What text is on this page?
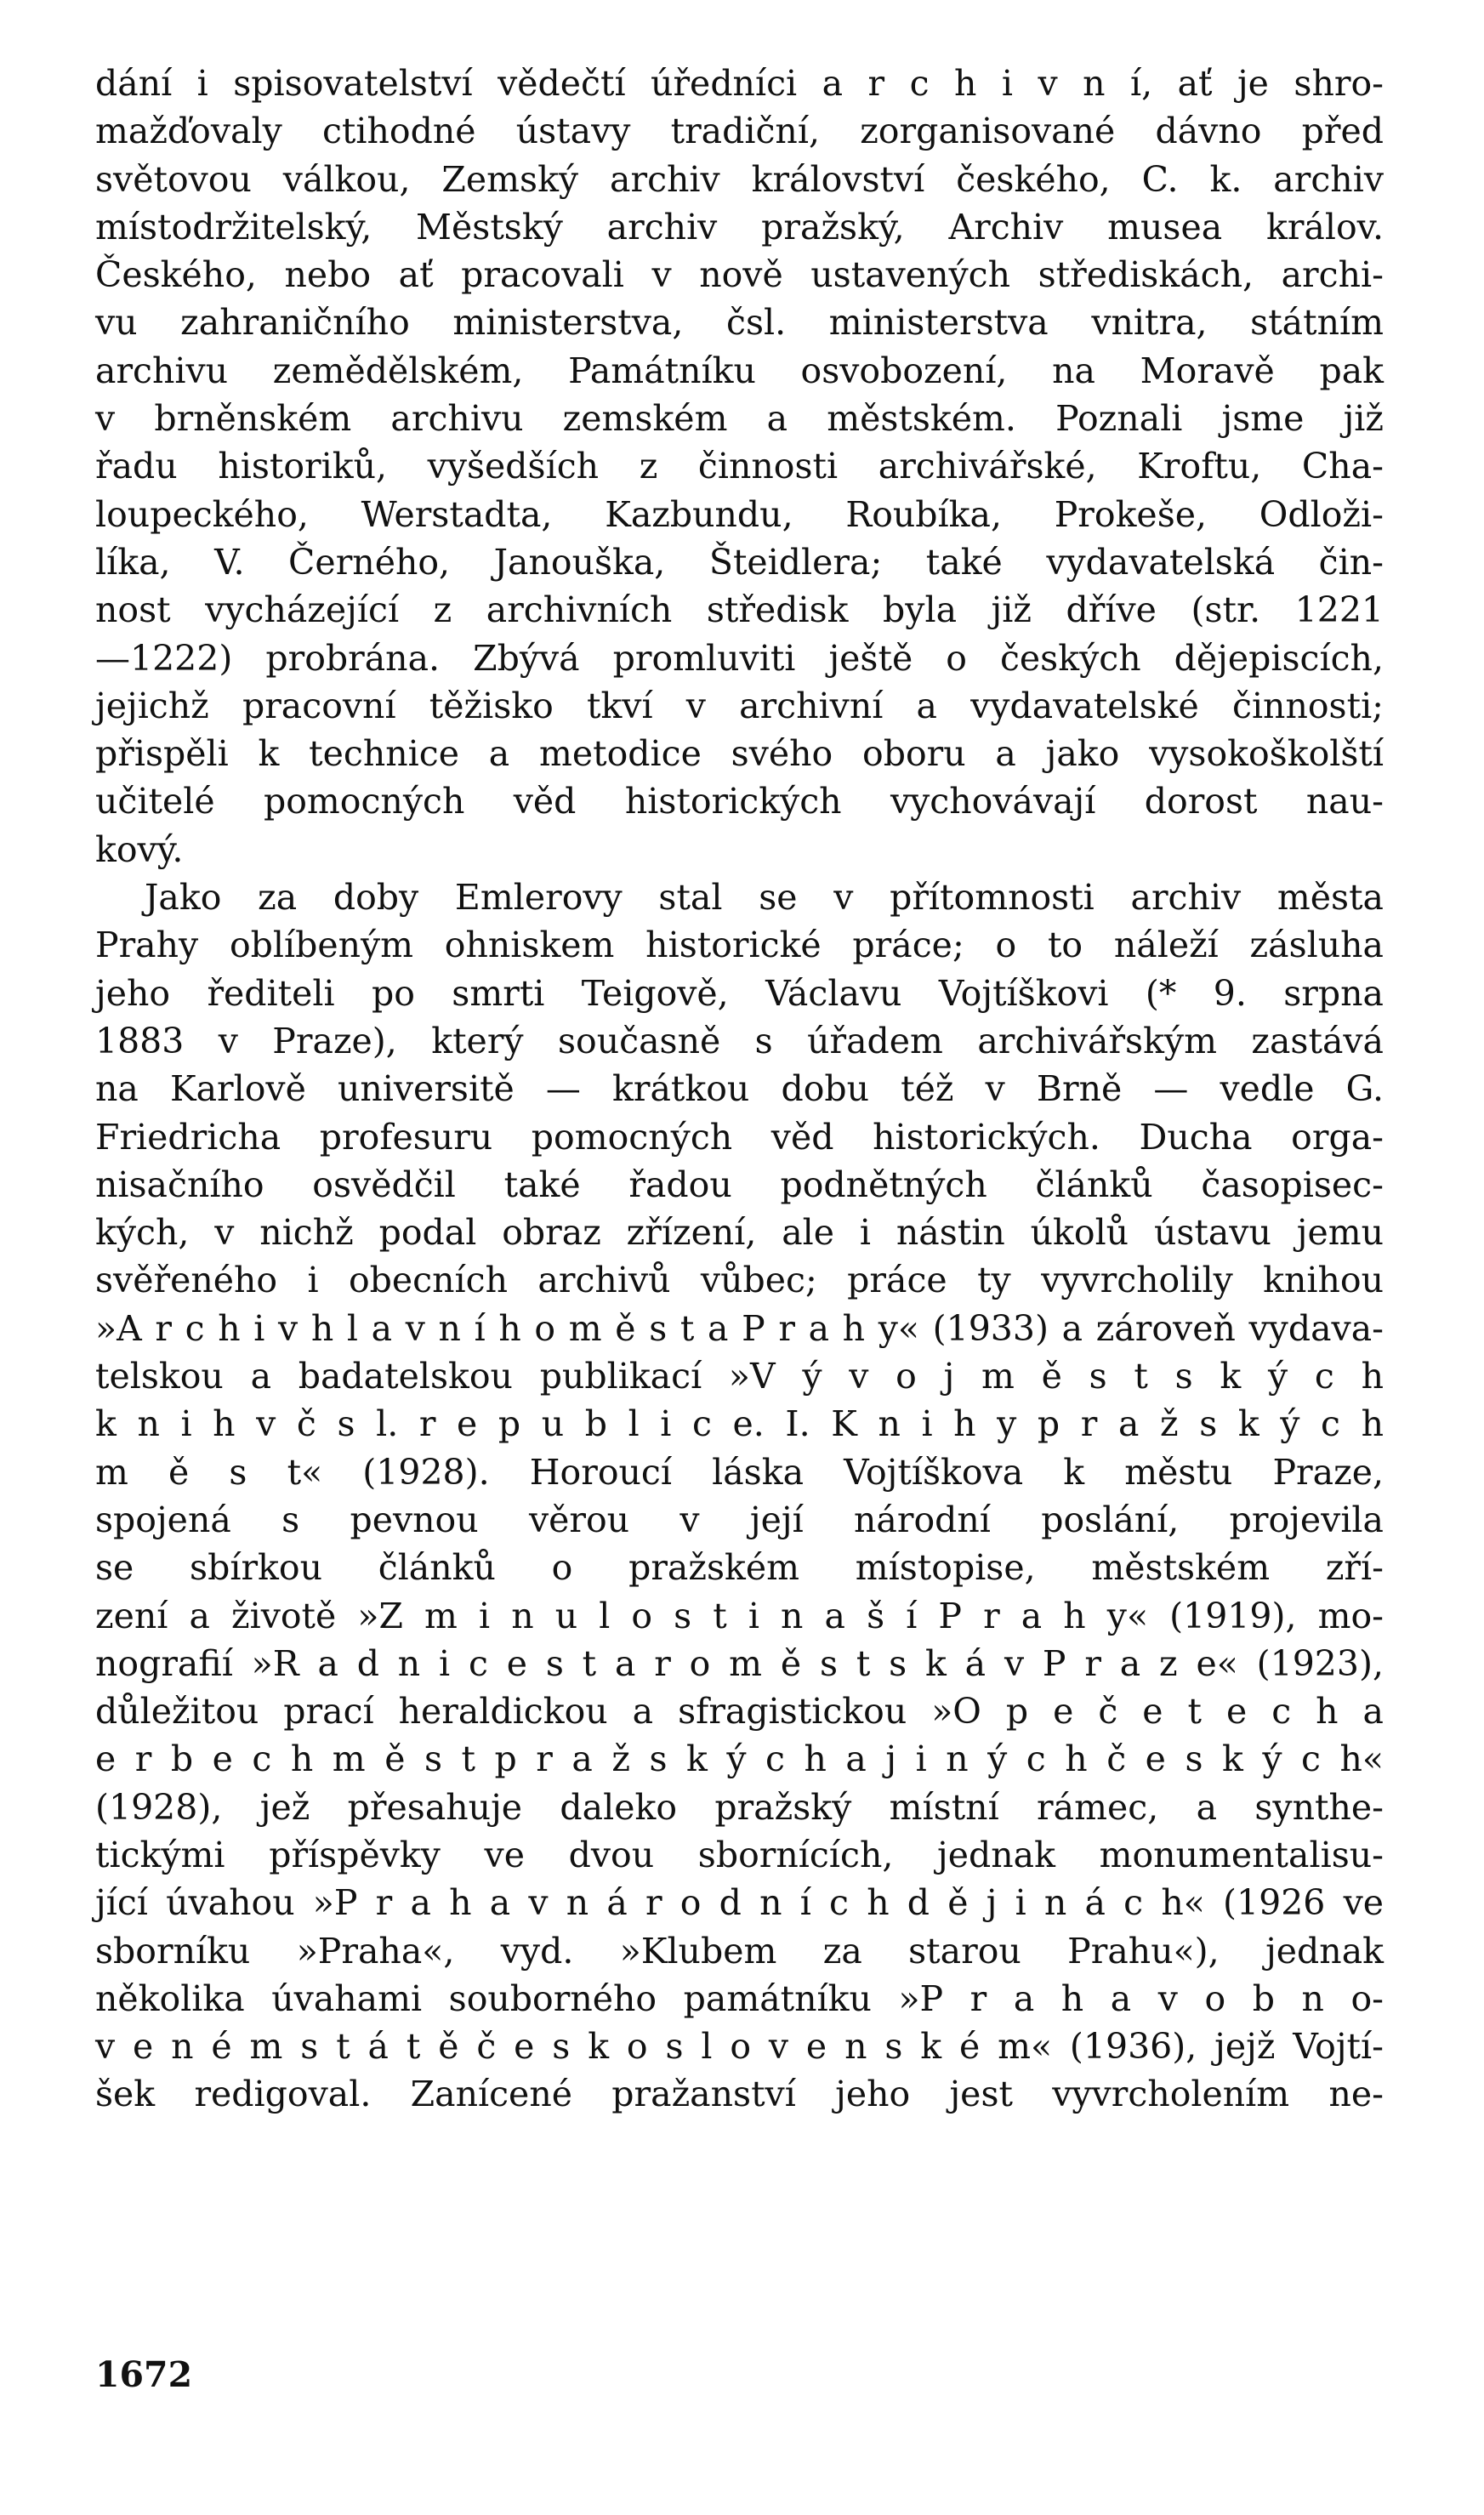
dání i spisovatelství vědečtí úředníci a r c h i v n í, ať je shro-
mažďovaly ctihodné ústavy tradiční, zorganisované dávno před
světovou válkou, Zemský archiv království českého, C. k. archiv
místodržitelský, Městský archiv pražský, Archiv musea králov.
Českého, nebo ať pracovali v nově ustavených střediskách, archi-
vu zahraničního ministerstva, čsl. ministerstva vnitra, státním
archivu zemědělském, Památníku osvobození, na Moravě pak
v brněnském archivu zemském a městském. Poznali jsme již
řadu historiků, vyšedších z činnosti archivářské, Kroftu, Cha-
loupeckého, Werstadta, Kazbundu, Roubíka, Prokeše, Odloži-
líka, V. Černého, Janouška, Šteidlera; také vydavatelská čin-
nost vycházející z archivních středisk byla již dříve (str. 1221
—1222) probrána. Zbývá promluviti ještě o českých dějepiscích,
jejichž pracovní těžisko tkví v archivní a vydavatelské činnosti;
přispěli k technice a metodice svého oboru a jako vysokoškolští
učitelé pomocných věd historických vychovávají dorost nau-
kový.
Jako za doby Emlerovy stal se v přítomnosti archiv města
Prahy oblíbeným ohniskem historické práce; o to náleží zásluha
jeho řediteli po smrti Teigově, Václavu Vojtíškovi (* 9. srpna
1883 v Praze), který současně s úřadem archivářským zastává
na Karlově universitě — krátkou dobu též v Brně — vedle G.
Friedricha profesuru pomocných věd historických. Ducha orga-
nisačního osvědčil také řadou podnětných článků časopisec-
kých, v nichž podal obraz zřízení, ale i nástin úkolů ústavu jemu
svěřeného i obecních archivů vůbec; práce ty vyvrcholily knihou
»A r c h i v h l a v n í h o m ě s t a P r a h y« (1933) a zároveň vydava-
telskou a badatelskou publikací »V ý v o j m ě s t s k ý c h
k n i h v č s l. r e p u b l i c e. I. K n i h y p r a ž s k ý c h
m ě s t« (1928). Horoucí láska Vojtíškova k městu Praze,
spojená s pevnou věrou v její národní poslání, projevila
se sbírkou článků o pražském místopise, městském zří-
zení a životě »Z m i n u l o s t i n a š í P r a h y« (1919), mo-
nografií »R a d n i c e s t a r o m ě s t s k á v P r a z e« (1923),
důležitou prací heraldickou a sfragistickou »O p e č e t e c h a
e r b e c h m ě s t p r a ž s k ý c h a j i n ý c h č e s k ý c h«
(1928), jež přesahuje daleko pražský místní rámec, a synthe-
tickými příspěvky ve dvou sbornících, jednak monumentalisu-
jící úvahou »P r a h a v n á r o d n í c h d ě j i n á c h« (1926 ve
sborníku »Praha«, vyd. »Klubem za starou Prahu«), jednak
několika úvahami souborného památníku »P r a h a v o b n o-
v e n é m s t á t ě č e s k o s l o v e n s k é m« (1936), jejž Vojtí-
šek redigoval. Zanícené pražanství jeho jest vyvrcholením ne-
1672
